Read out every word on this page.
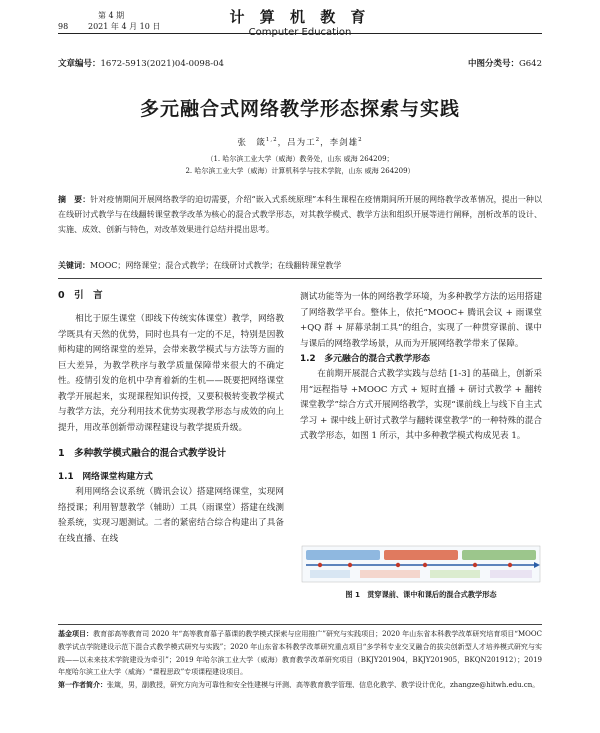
第 4 期
98 2021 年 4 月 10 日
计 算 机 教 育
Computer Education
文章编号：1672-5913(2021)04-0098-04	中图分类号：G642
多元融合式网络教学形态探索与实践
张　箴$^{1,2}$，吕为工$^2$，李剑雄$^2$
（1. 哈尔滨工业大学（威海）教务处，山东 威海 264209；
2. 哈尔滨工业大学（威海）计算机科学与技术学院，山东 威海 264209）
摘　要：针对疫情期间开展网络教学的迫切需要，介绍“嵌入式系统原理”本科生课程在疫情期间所开展的网络教学改革情况，提出一种以在线研讨式教学与在线翻转课堂教学改革为核心的混合式教学形态，对其教学模式、教学方法和组织开展等进行阐释，剖析改革的设计、实施、成效、创新与特色，对改革效果进行总结并提出思考。
关键词：MOOC；网络课堂；混合式教学；在线研讨式教学；在线翻转课堂教学

0　引　言

相比于原生课堂（即线下传统实体课堂）教学，网络教学既具有天然的优势，同时也具有一定的不足，特别是因教师构建的网络课堂的差异，会带来教学模式与方法等方面的巨大差异，为教学秩序与教学质量保障带来很大的不确定性。疫情引发的危机中孕育着新的生机——既要把网络课堂教学开展起来，实现课程知识传授，又要积极转变教学模式与教学方法，充分利用技术优势实现教学形态与成效的向上提升，用改革创新带动课程建设与教学提质升级。

1　多种教学模式融合的混合式教学设计

1.1　网络课堂构建方式

利用网络会议系统（腾讯会议）搭建网络课堂，实现网络授课；利用智慧教学（辅助）工具（雨课堂）搭建在线测验系统，实现习题测试。二者的紧密结合综合构建出了具备在线直播、在线

测试功能等为一体的网络教学环境，为多种教学方法的运用搭建了网络教学平台。整体上，依托“MOOC+ 腾讯会议 + 雨课堂 +QQ 群 + 屏幕录制工具”的组合，实现了一种贯穿课前、课中与课后的网络教学场景，从而为开展网络教学带来了保障。

1.2　多元融合的混合式教学形态

在前期开展混合式教学实践与总结 [1-3] 的基础上，创新采用“远程指导 +MOOC 方式 + 短时直播 + 研讨式教学 + 翻转课堂教学”综合方式开展网络教学，实现“课前线上与线下自主式学习 + 课中线上研讨式教学与翻转课堂教学”的一种特殊的混合式教学形态，如图 1 所示，其中多种教学模式构成见表 1。

图 1　贯穿课前、课中和课后的混合式教学形态

基金项目：教育部高等教育司 2020 年“高等教育慕子慕课的教学模式探索与应用推广”研究与实践项目；2020 年山东省本科教学改革研究培育项目“MOOC 教学试点学院建设示范下混合式教学模式研究与实践”；2020 年山东省本科教学改革研究重点项目“多学科专业交叉融合的拔尖创新型人才培养模式研究与实践——以未来技术学院建设为牵引”；2019 年哈尔滨工业大学（威海）教育教学改革研究项目（BKJY201904，BKJY201905，BKQN201912）；2019 年度哈尔滨工业大学（威海）“课程思政”专项课程建设项目。

第一作者简介：张箴，男，副教授，研究方向为可靠性和安全性建模与评测、高等教育教学管理、信息化教学、教学设计优化，zhangze@hitwh.edu.cn。
